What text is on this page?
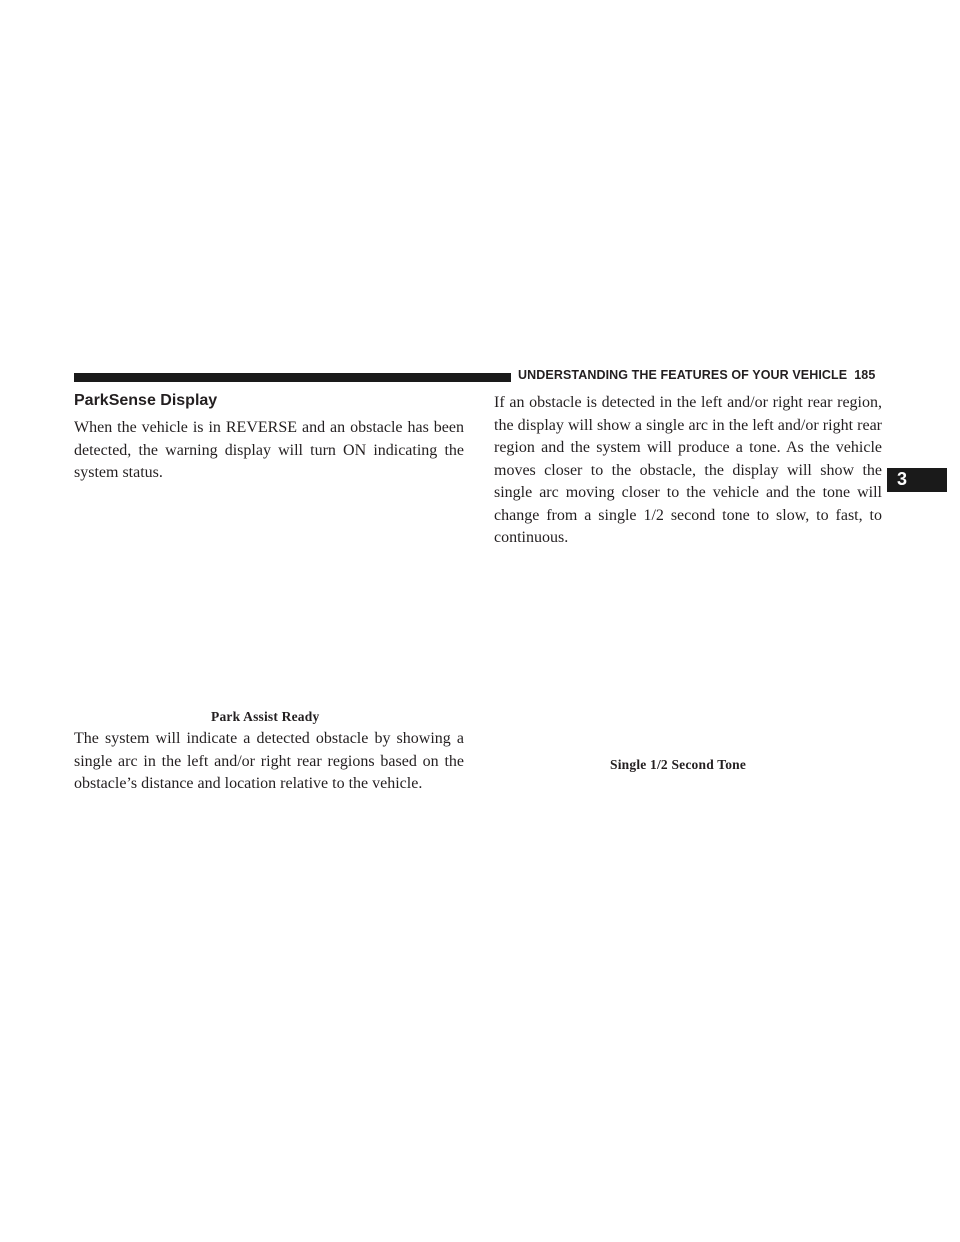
UNDERSTANDING THE FEATURES OF YOUR VEHICLE 185
3
ParkSense Display

When the vehicle is in REVERSE and an obstacle has been detected, the warning display will turn ON indicating the system status.

Park Assist Ready

The system will indicate a detected obstacle by showing a single arc in the left and/or right rear regions based on the obstacle’s distance and location relative to the vehicle.

If an obstacle is detected in the left and/or right rear region, the display will show a single arc in the left and/or right rear region and the system will produce a tone. As the vehicle moves closer to the obstacle, the display will show the single arc moving closer to the vehicle and the tone will change from a single 1/2 second tone to slow, to fast, to continuous.

Single 1/2 Second Tone
